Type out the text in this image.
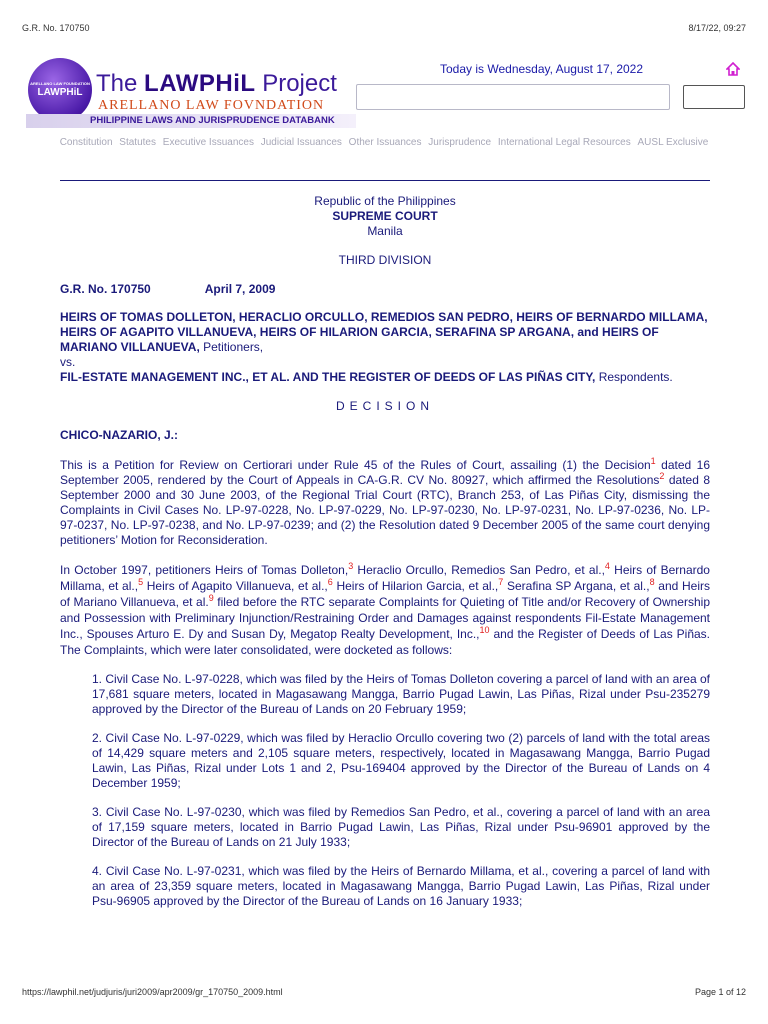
G.R. No. 170750	8/17/22, 09:27
ARELLANO LAW FOUNDATION
LAWPHiL The LAWPHiL Project
ARELLANO LAW FOVNDATION
PHILIPPINE LAWS AND JURISPRUDENCE DATABANK
Today is Wednesday, August 17, 2022
Constitution Statutes Executive Issuances Judicial Issuances Other Issuances Jurisprudence International Legal Resources AUSL Exclusive
Republic of the Philippines
SUPREME COURT
Manila
THIRD DIVISION
G.R. No. 170750	April 7, 2009
HEIRS OF TOMAS DOLLETON, HERACLIO ORCULLO, REMEDIOS SAN PEDRO, HEIRS OF BERNARDO MILLAMA, HEIRS OF AGAPITO VILLANUEVA, HEIRS OF HILARION GARCIA, SERAFINA SP ARGANA, and HEIRS OF MARIANO VILLANUEVA, Petitioners,
vs.
FIL-ESTATE MANAGEMENT INC., ET AL. AND THE REGISTER OF DEEDS OF LAS PIÑAS CITY, Respondents.
DECISION
CHICO-NAZARIO, J.:
This is a Petition for Review on Certiorari under Rule 45 of the Rules of Court, assailing (1) the Decision$^1$ dated 16 September 2005, rendered by the Court of Appeals in CA-G.R. CV No. 80927, which affirmed the Resolutions$^2$ dated 8 September 2000 and 30 June 2003, of the Regional Trial Court (RTC), Branch 253, of Las Piñas City, dismissing the Complaints in Civil Cases No. LP-97-0228, No. LP-97-0229, No. LP-97-0230, No. LP-97-0231, No. LP-97-0236, No. LP-97-0237, No. LP-97-0238, and No. LP-97-0239; and (2) the Resolution dated 9 December 2005 of the same court denying petitioners’ Motion for Reconsideration.
In October 1997, petitioners Heirs of Tomas Dolleton,$^3$ Heraclio Orcullo, Remedios San Pedro, et al.,$^4$ Heirs of Bernardo Millama, et al.,$^5$ Heirs of Agapito Villanueva, et al.,$^6$ Heirs of Hilarion Garcia, et al.,$^7$ Serafina SP Argana, et al.,$^8$ and Heirs of Mariano Villanueva, et al.$^9$ filed before the RTC separate Complaints for Quieting of Title and/or Recovery of Ownership and Possession with Preliminary Injunction/Restraining Order and Damages against respondents Fil-Estate Management Inc., Spouses Arturo E. Dy and Susan Dy, Megatop Realty Development, Inc.,$^{10}$ and the Register of Deeds of Las Piñas. The Complaints, which were later consolidated, were docketed as follows:
1. Civil Case No. L-97-0228, which was filed by the Heirs of Tomas Dolleton covering a parcel of land with an area of 17,681 square meters, located in Magasawang Mangga, Barrio Pugad Lawin, Las Piñas, Rizal under Psu-235279 approved by the Director of the Bureau of Lands on 20 February 1959;
2. Civil Case No. L-97-0229, which was filed by Heraclio Orcullo covering two (2) parcels of land with the total areas of 14,429 square meters and 2,105 square meters, respectively, located in Magasawang Mangga, Barrio Pugad Lawin, Las Piñas, Rizal under Lots 1 and 2, Psu-169404 approved by the Director of the Bureau of Lands on 4 December 1959;
3. Civil Case No. L-97-0230, which was filed by Remedios San Pedro, et al., covering a parcel of land with an area of 17,159 square meters, located in Barrio Pugad Lawin, Las Piñas, Rizal under Psu-96901 approved by the Director of the Bureau of Lands on 21 July 1933;
4. Civil Case No. L-97-0231, which was filed by the Heirs of Bernardo Millama, et al., covering a parcel of land with an area of 23,359 square meters, located in Magasawang Mangga, Barrio Pugad Lawin, Las Piñas, Rizal under Psu-96905 approved by the Director of the Bureau of Lands on 16 January 1933;
https://lawphil.net/judjuris/juri2009/apr2009/gr_170750_2009.html	Page 1 of 12
